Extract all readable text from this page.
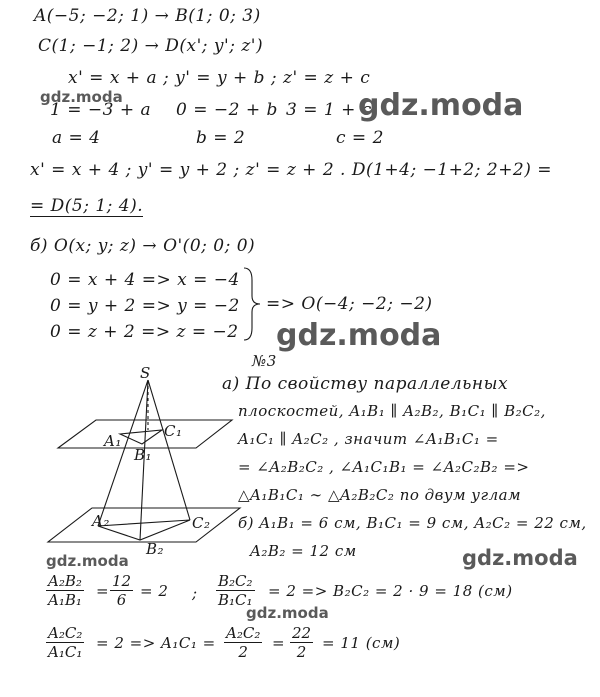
A(−5; −2; 1) → B(1; 0; 3)
C(1; −1; 2) → D(x'; y'; z')
x' = x + a ; y' = y + b ; z' = z + c
gdz.moda
1 = −3 + a 0 = −2 + b 3 = 1 + c
gdz.moda
a = 4	b = 2	c = 2
x' = x + 4 ; y' = y + 2 ; z' = z + 2 . D(1+4; −1+2; 2+2) =
= D(5; 1; 4).
б) O(x; y; z) → O'(0; 0; 0)
0 = x + 4 => x = −4
0 = y + 2 => y = −2
0 = z + 2 => z = −2
=> O(−4; −2; −2)
gdz.moda
№3
S
A₁
C₁
B₁
A₂	C₂
B₂
а) По свойству параллельных
плоскостей, A₁B₁ ∥ A₂B₂, B₁C₁ ∥ B₂C₂,
A₁C₁ ∥ A₂C₂ , значит ∠A₁B₁C₁ =
= ∠A₂B₂C₂ , ∠A₁C₁B₁ = ∠A₂C₂B₂ =>
△A₁B₁C₁ ∼ △A₂B₂C₂ по двум углам
б) A₁B₁ = 6 см, B₁C₁ = 9 см, A₂C₂ = 22 см,
A₂B₂ = 12 см
gdz.moda	gdz.moda
$\frac{\text{A₂B₂}}{\text{A₁B₁}} = \frac{12}{6} = 2$ ; $\frac{\text{B₂C₂}}{\text{B₁C₁}} = 2 => B_2C_2 = 2 \cdot 9 = 18$ (см)
gdz.moda
$\frac{\text{A₂C₂}}{\text{A₁C₁}} = 2 => A_1C_1 = \frac{\text{A₂C₂}}{2} = \frac{22}{2} = 11$ (см)
